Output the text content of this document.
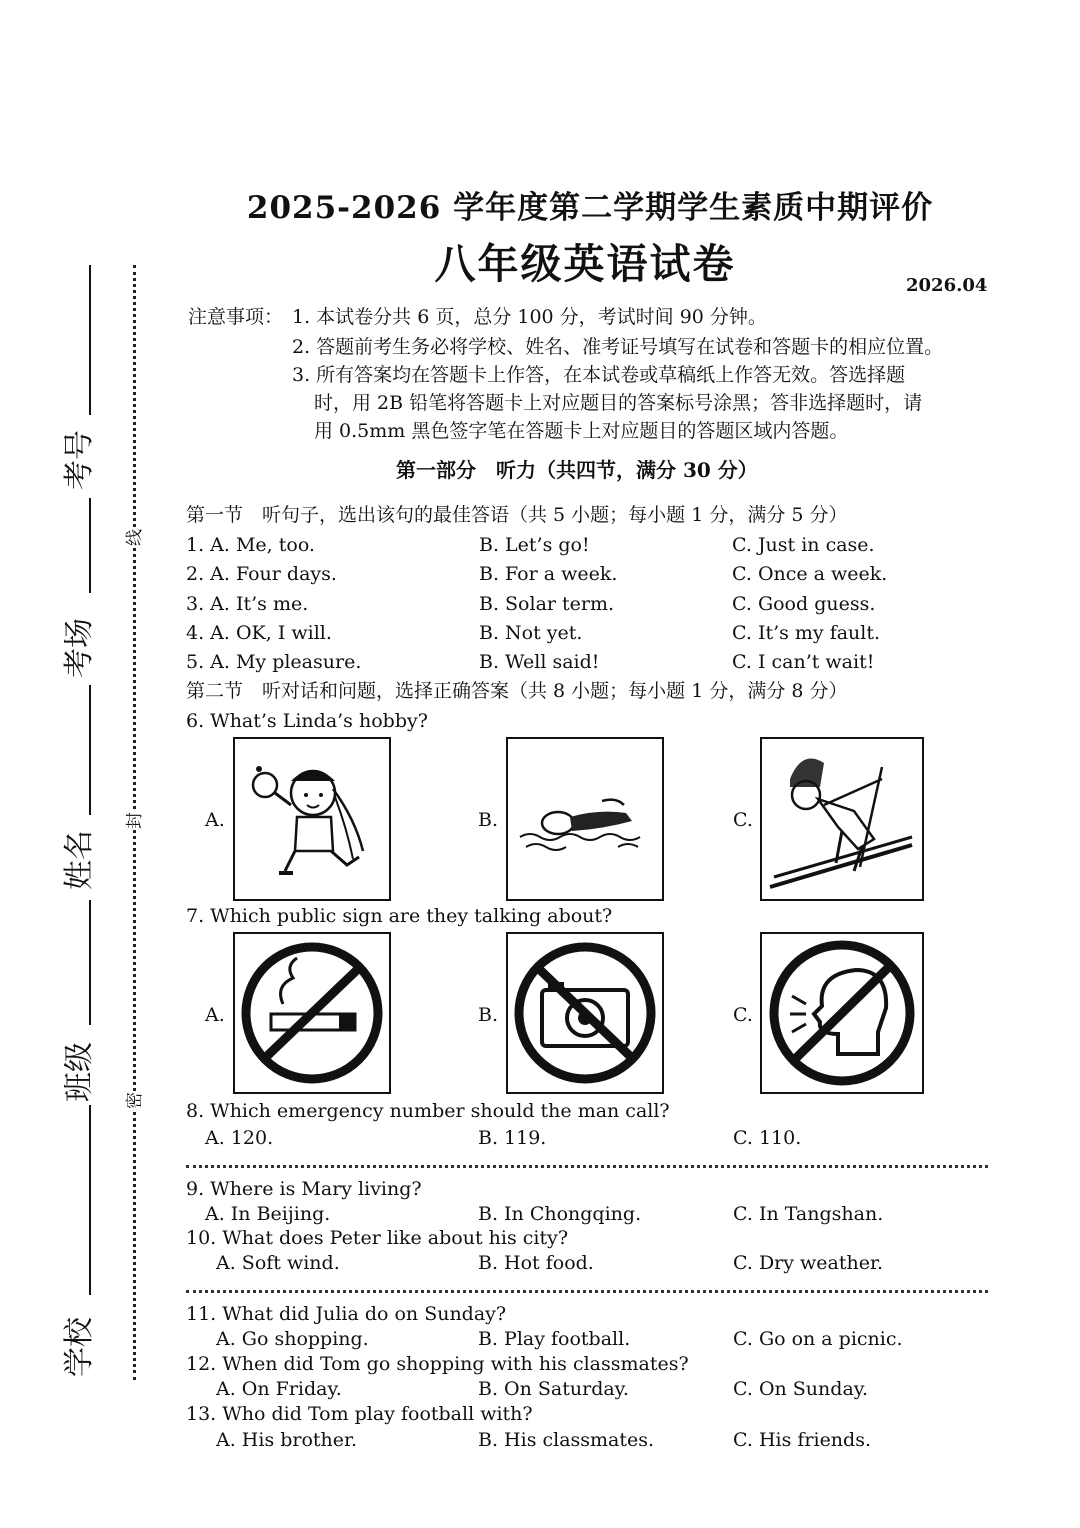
考号
考场
姓名
班级
学校
线
封
密
2025-2026 学年度第二学期学生素质中期评价
八年级英语试卷	2026.04
注意事项： 1. 本试卷分共 6 页，总分 100 分，考试时间 90 分钟。
2. 答题前考生务必将学校、姓名、准考证号填写在试卷和答题卡的相应位置。
3. 所有答案均在答题卡上作答，在本试卷或草稿纸上作答无效。答选择题
时，用 2B 铅笔将答题卡上对应题目的答案标号涂黑；答非选择题时，请
用 0.5mm 黑色签字笔在答题卡上对应题目的答题区域内答题。
第一部分　听力（共四节，满分 30 分）
第一节　听句子，选出该句的最佳答语（共 5 小题；每小题 1 分，满分 5 分）
1. A. Me, too.	B. Let’s go!	C. Just in case.
2. A. Four days.	B. For a week.	C. Once a week.
3. A. It’s me.	B. Solar term.	C. Good guess.
4. A. OK, I will.	B. Not yet.	C. It’s my fault.
5. A. My pleasure.	B. Well said!	C. I can’t wait!
第二节　听对话和问题，选择正确答案（共 8 小题；每小题 1 分，满分 8 分）
6. What’s Linda’s hobby?
A.	B.	C.
7. Which public sign are they talking about?
A.	B.	C.
8. Which emergency number should the man call?
A. 120.	B. 119.	C. 110.
9. Where is Mary living?
A. In Beijing.	B. In Chongqing.	C. In Tangshan.
10. What does Peter like about his city?
A. Soft wind.	B. Hot food.	C. Dry weather.
11. What did Julia do on Sunday?
A. Go shopping.	B. Play football.	C. Go on a picnic.
12. When did Tom go shopping with his classmates?
A. On Friday.	B. On Saturday.	C. On Sunday.
13. Who did Tom play football with?
A. His brother.	B. His classmates.	C. His friends.
